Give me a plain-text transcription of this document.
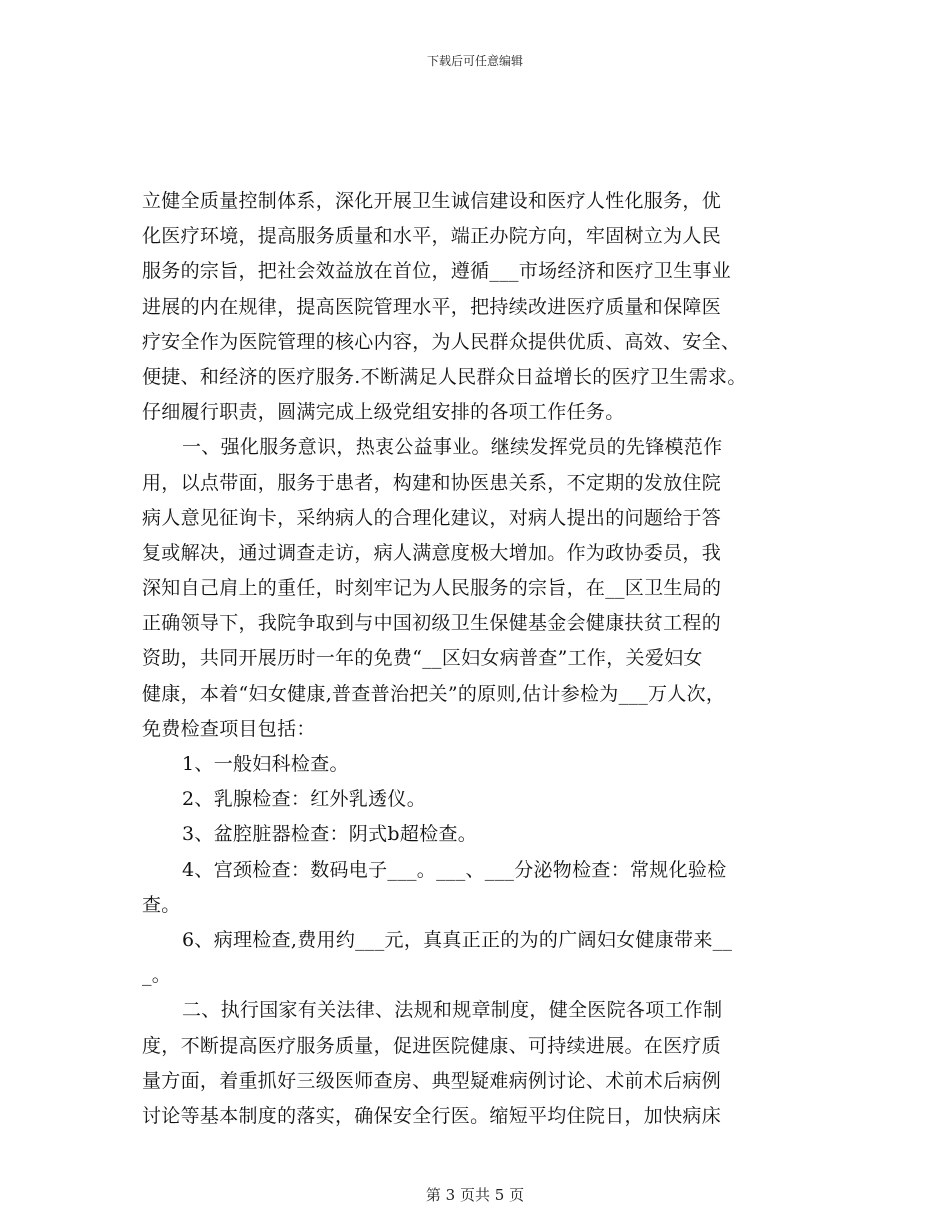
下载后可任意编辑
立健全质量控制体系，深化开展卫生诚信建设和医疗人性化服务，优
化医疗环境，提高服务质量和水平，端正办院方向，牢固树立为人民
服务的宗旨，把社会效益放在首位，遵循___市场经济和医疗卫生事业
进展的内在规律，提高医院管理水平，把持续改进医疗质量和保障医
疗安全作为医院管理的核心内容，为人民群众提供优质、高效、安全、
便捷、和经济的医疗服务.不断满足人民群众日益增长的医疗卫生需求。
仔细履行职责，圆满完成上级党组安排的各项工作任务。
一、强化服务意识，热衷公益事业。继续发挥党员的先锋模范作
用，以点带面，服务于患者，构建和协医患关系，不定期的发放住院
病人意见征询卡，采纳病人的合理化建议，对病人提出的问题给于答
复或解决，通过调查走访，病人满意度极大增加。作为政协委员，我
深知自己肩上的重任，时刻牢记为人民服务的宗旨，在__区卫生局的
正确领导下，我院争取到与中国初级卫生保健基金会健康扶贫工程的
资助，共同开展历时一年的免费“__区妇女病普查”工作，关爱妇女
健康，本着“妇女健康,普查普治把关”的原则,估计参检为___万人次，
免费检查项目包括：
1、一般妇科检查。
2、乳腺检查：红外乳透仪。
3、盆腔脏器检查：阴式b超检查。
4、宫颈检查：数码电子___。___、___分泌物检查：常规化验检
查。
6、病理检查,费用约___元，真真正正的为的广阔妇女健康带来__
_。
二、执行国家有关法律、法规和规章制度，健全医院各项工作制
度，不断提高医疗服务质量，促进医院健康、可持续进展。在医疗质
量方面，着重抓好三级医师查房、典型疑难病例讨论、术前术后病例
讨论等基本制度的落实，确保安全行医。缩短平均住院日，加快病床
第 3 页共 5 页
